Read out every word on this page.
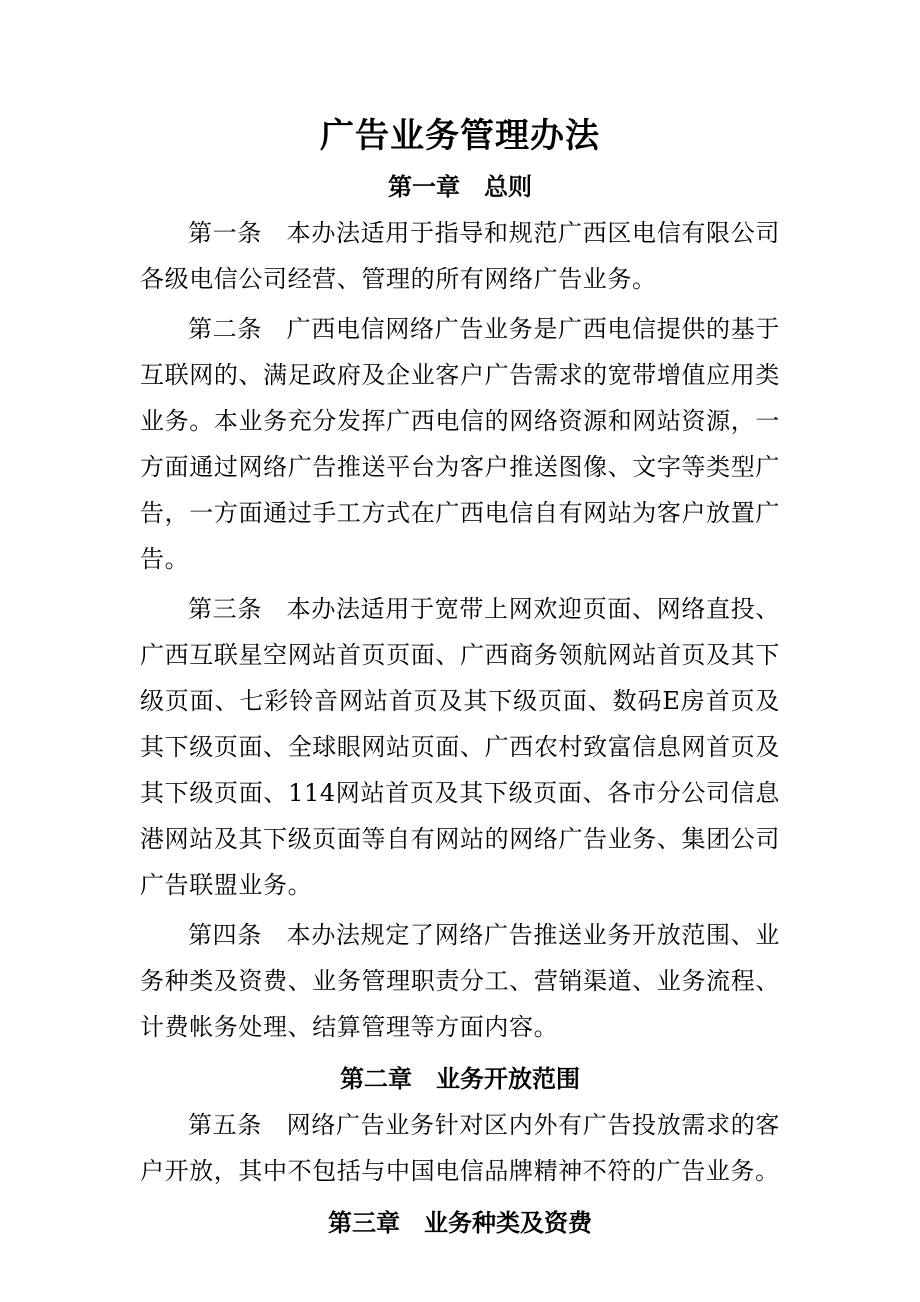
广告业务管理办法
第一章　总则

第一条　本办法适用于指导和规范广西区电信有限公司各级电信公司经营、管理的所有网络广告业务。

第二条　广西电信网络广告业务是广西电信提供的基于互联网的、满足政府及企业客户广告需求的宽带增值应用类业务。本业务充分发挥广西电信的网络资源和网站资源，一方面通过网络广告推送平台为客户推送图像、文字等类型广告，一方面通过手工方式在广西电信自有网站为客户放置广告。

第三条　本办法适用于宽带上网欢迎页面、网络直投、广西互联星空网站首页页面、广西商务领航网站首页及其下级页面、七彩铃音网站首页及其下级页面、数码E房首页及其下级页面、全球眼网站页面、广西农村致富信息网首页及其下级页面、114网站首页及其下级页面、各市分公司信息港网站及其下级页面等自有网站的网络广告业务、集团公司广告联盟业务。

第四条　本办法规定了网络广告推送业务开放范围、业务种类及资费、业务管理职责分工、营销渠道、业务流程、计费帐务处理、结算管理等方面内容。

第二章　业务开放范围

第五条　网络广告业务针对区内外有广告投放需求的客户开放，其中不包括与中国电信品牌精神不符的广告业务。

第三章　业务种类及资费
